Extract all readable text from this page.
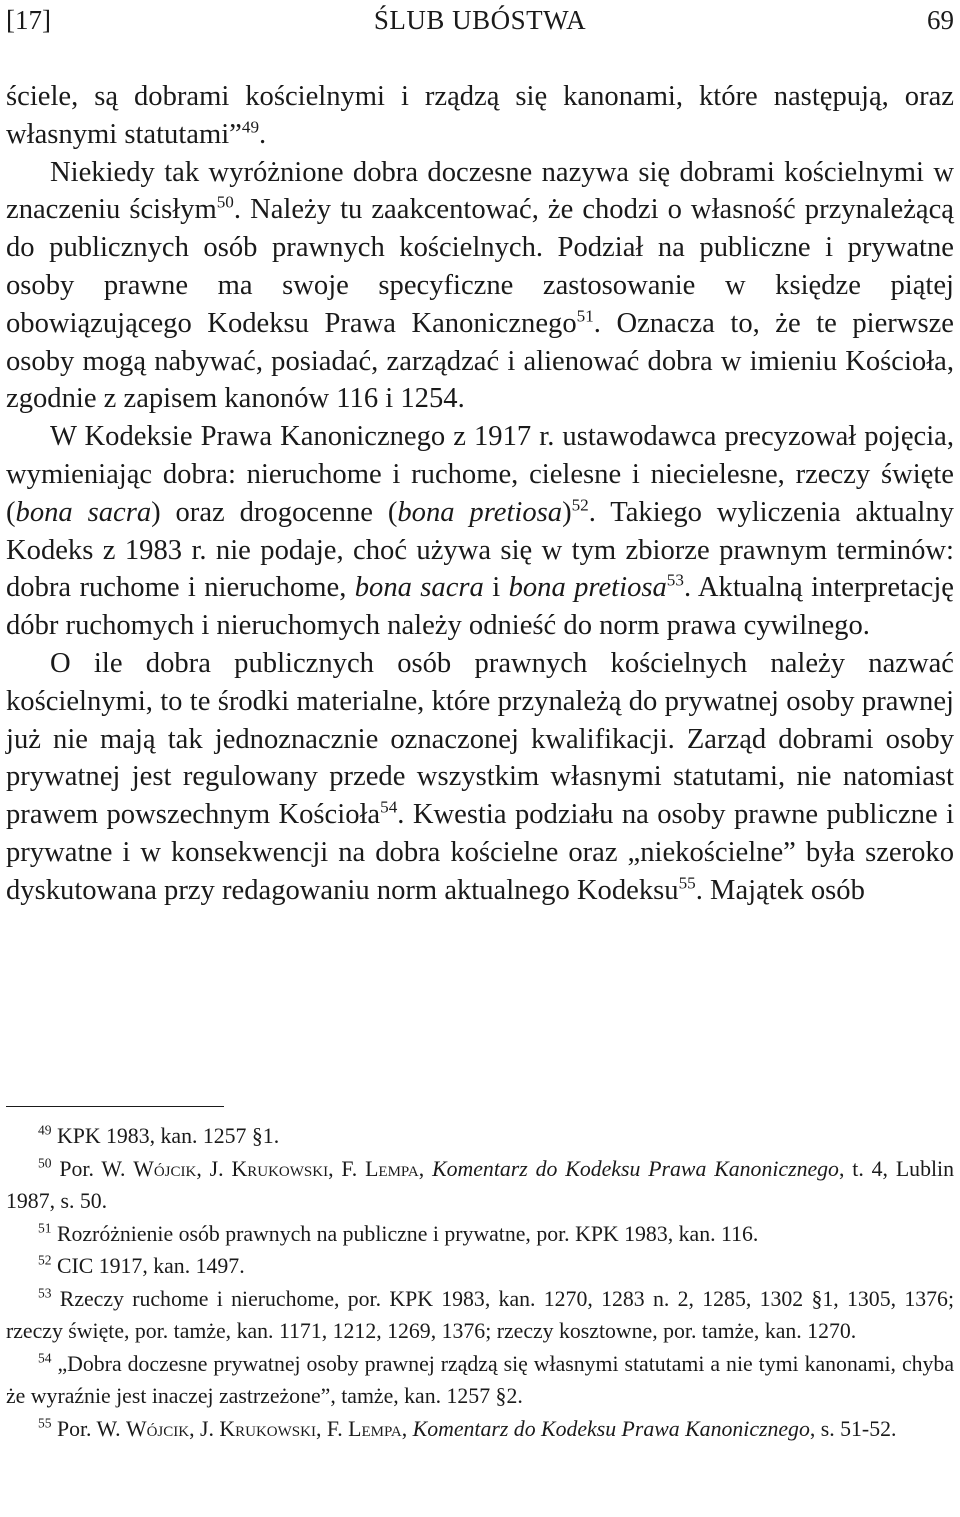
[17]	ŚLUB UBÓSTWA	69

ściele, są dobrami kościelnymi i rządzą się kanonami, które następują, oraz własnymi statutami”$^{49}$.

Niekiedy tak wyróżnione dobra doczesne nazywa się dobrami kościelnymi w znaczeniu ścisłym$^{50}$. Należy tu zaakcentować, że chodzi o własność przynależącą do publicznych osób prawnych kościelnych. Podział na publiczne i prywatne osoby prawne ma swoje specyficzne zastosowanie w księdze piątej obowiązującego Kodeksu Prawa Kanonicznego$^{51}$. Oznacza to, że te pierwsze osoby mogą nabywać, posiadać, zarządzać i alienować dobra w imieniu Kościoła, zgodnie z zapisem kanonów 116 i 1254.

W Kodeksie Prawa Kanonicznego z 1917 r. ustawodawca precyzował pojęcia, wymieniając dobra: nieruchome i ruchome, cielesne i niecielesne, rzeczy święte (bona sacra) oraz drogocenne (bona pretiosa)$^{52}$. Takiego wyliczenia aktualny Kodeks z 1983 r. nie podaje, choć używa się w tym zbiorze prawnym terminów: dobra ruchome i nieruchome, bona sacra i bona pretiosa$^{53}$. Aktualną interpretację dóbr ruchomych i nieruchomych należy odnieść do norm prawa cywilnego.

O ile dobra publicznych osób prawnych kościelnych należy nazwać kościelnymi, to te środki materialne, które przynależą do prywatnej osoby prawnej już nie mają tak jednoznacznie oznaczonej kwalifikacji. Zarząd dobrami osoby prywatnej jest regulowany przede wszystkim własnymi statutami, nie natomiast prawem powszechnym Kościoła$^{54}$. Kwestia podziału na osoby prawne publiczne i prywatne i w konsekwencji na dobra kościelne oraz „niekościelne” była szeroko dyskutowana przy redagowaniu norm aktualnego Kodeksu$^{55}$. Majątek osób

$^{49}$ KPK 1983, kan. 1257 §1.

$^{50}$ Por. W. Wójcik, J. Krukowski, F. Lempa, Komentarz do Kodeksu Prawa Kanonicznego, t. 4, Lublin 1987, s. 50.

$^{51}$ Rozróżnienie osób prawnych na publiczne i prywatne, por. KPK 1983, kan. 116.

$^{52}$ CIC 1917, kan. 1497.

$^{53}$ Rzeczy ruchome i nieruchome, por. KPK 1983, kan. 1270, 1283 n. 2, 1285, 1302 §1, 1305, 1376; rzeczy święte, por. tamże, kan. 1171, 1212, 1269, 1376; rzeczy kosztowne, por. tamże, kan. 1270.

$^{54}$ „Dobra doczesne prywatnej osoby prawnej rządzą się własnymi statutami a nie tymi kanonami, chyba że wyraźnie jest inaczej zastrzeżone”, tamże, kan. 1257 §2.

$^{55}$ Por. W. Wójcik, J. Krukowski, F. Lempa, Komentarz do Kodeksu Prawa Kanonicznego, s. 51-52.
